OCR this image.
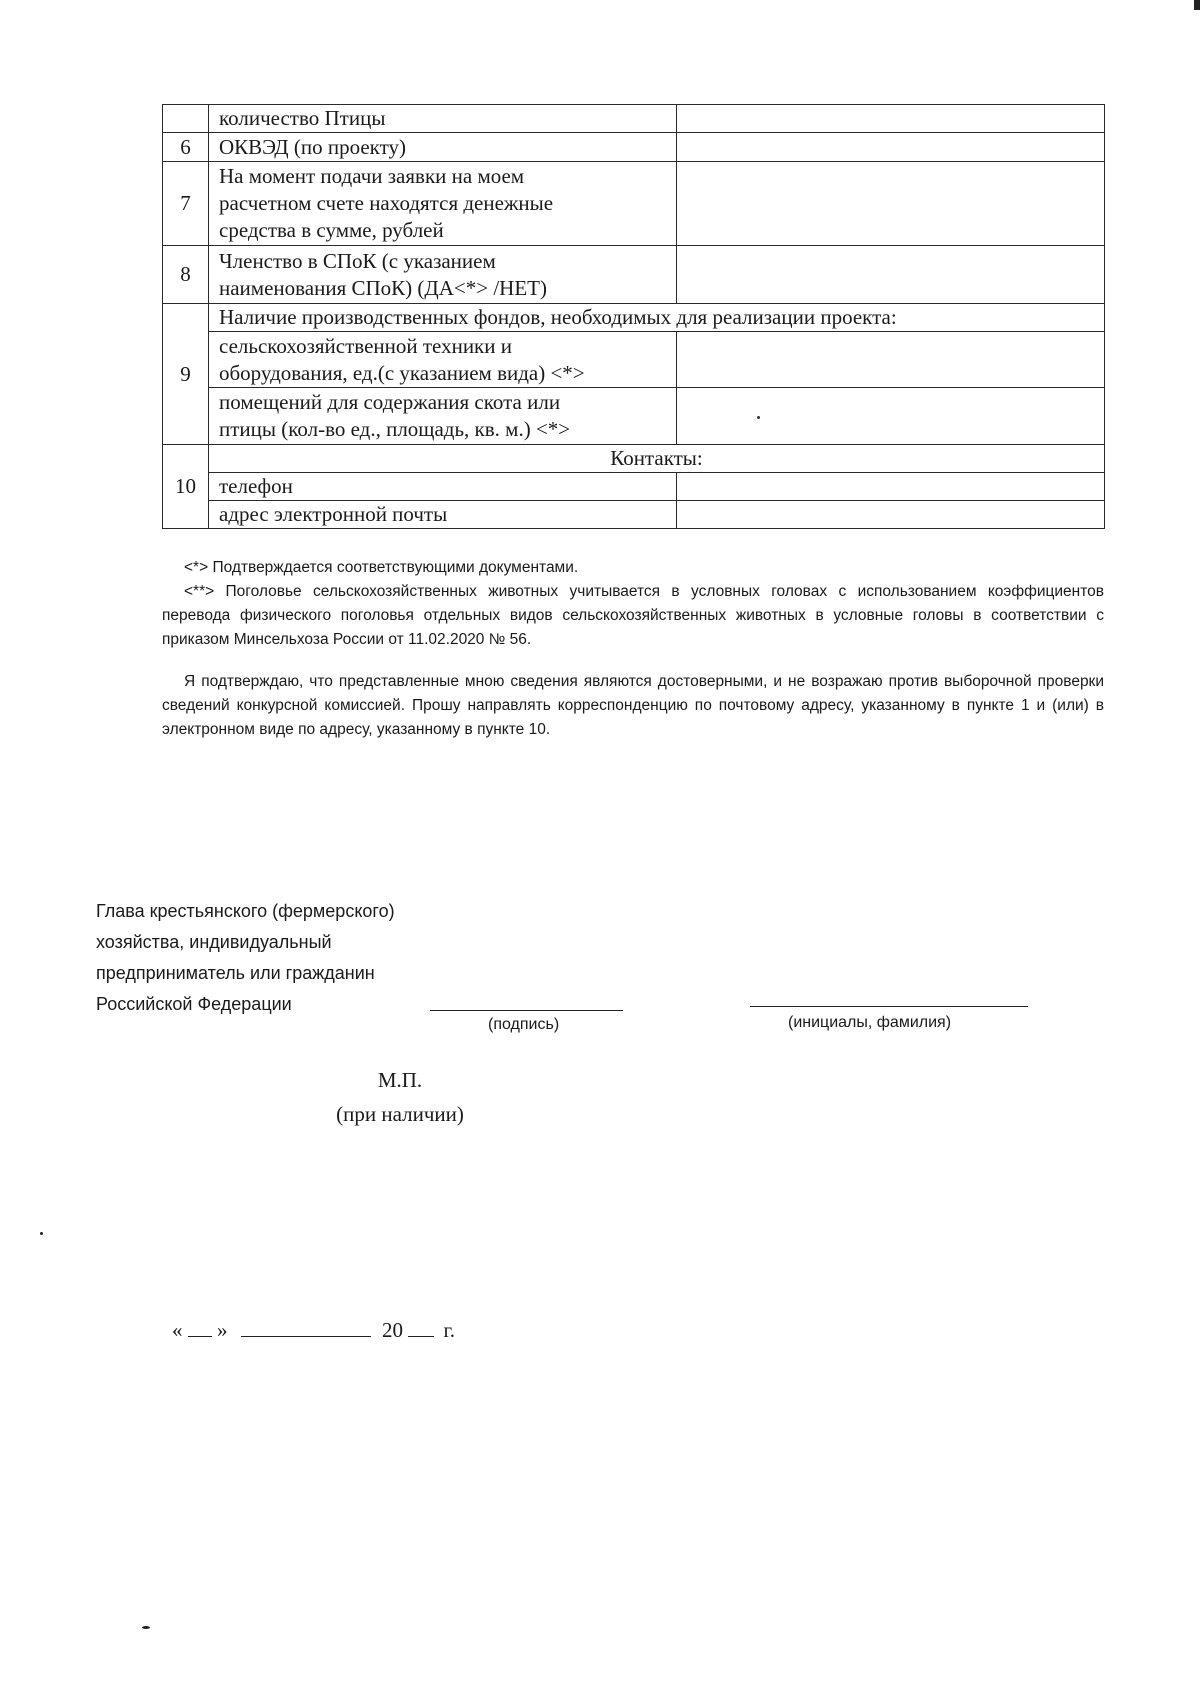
	количество Птицы	
6	ОКВЭД (по проекту)	
7	На момент подачи заявки на моем
расчетном счете находятся денежные
средства в сумме, рублей	

8	Членство в СПоК (с указанием
наименования СПоК) (ДА<*> /НЕТ)	

9	Наличие производственных фондов, необходимых для реализации проекта:	

	сельскохозяйственной техники и
оборудования, ед.(с указанием вида) <*>	

	помещений для содержания скота или
птицы (кол-во ед., площадь, кв. м.) <*>	

10	Контакты:	
	телефон	
	адрес электронной почты	

<*> Подтверждается соответствующими документами.

<**> Поголовье сельскохозяйственных животных учитывается в условных головах с использованием коэффициентов перевода физического поголовья отдельных видов сельскохозяйственных животных в условные головы в соответствии с приказом Минсельхоза России от 11.02.2020 № 56.

Я подтверждаю, что представленные мною сведения являются достоверными, и не возражаю против выборочной проверки сведений конкурсной комиссией. Прошу направлять корреспонденцию по почтовому адресу, указанному в пункте 1 и (или) в электронном виде по адресу, указанному в пункте 10.

Глава крестьянского (фермерского)
хозяйства, индивидуальный
предприниматель или гражданин
Российской Федерации
(подпись)	(инициалы, фамилия)
М.П.
(при наличии)
« »	20 г.
